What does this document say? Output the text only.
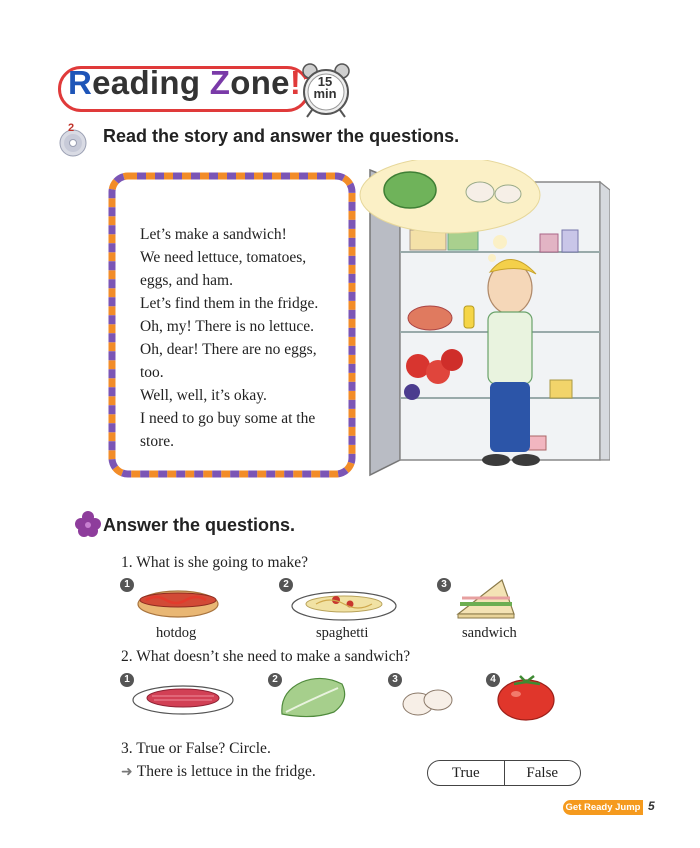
Reading Zone!	15
min
2 Read the story and answer the questions.
Let’s make a sandwich!
We need lettuce, tomatoes,
eggs, and ham.
Let’s find them in the fridge.
Oh, my! There is no lettuce.
Oh, dear! There are no eggs,
too.
Well, well, it’s okay.
I need to go buy some at the
store.
Answer the questions.
1. What is she going to make?
1
hotdog
2
spaghetti
3
sandwich
2. What doesn’t she need to make a sandwich?
1	2	3	4
3. True or False? Circle.
➜ There is lettuce in the fridge.	True	False
Get Ready Jump 3
5
